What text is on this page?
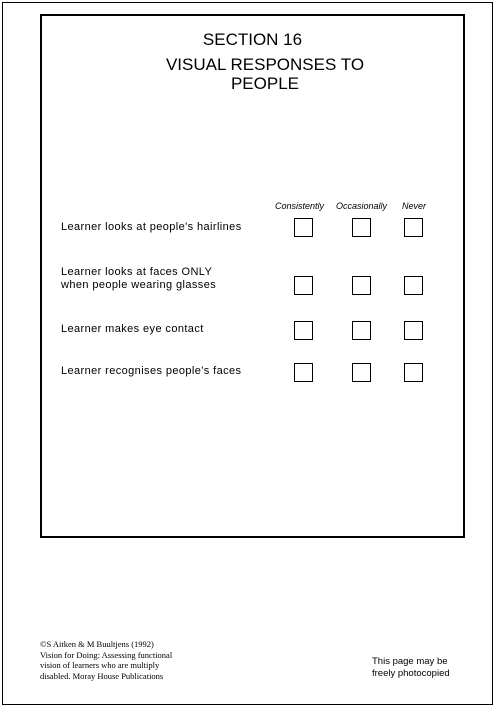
SECTION 16
VISUAL RESPONSES TO
PEOPLE
Consistently Occasionally Never
Learner looks at people's hairlines
Learner looks at faces ONLY
when people wearing glasses
Learner makes eye contact
Learner recognises people's faces
©S Aitken & M Buultjens (1992)
Vision for Doing: Assessing functional
vision of learners who are multiply
disabled. Moray House Publications
This page may be
freely photocopied
